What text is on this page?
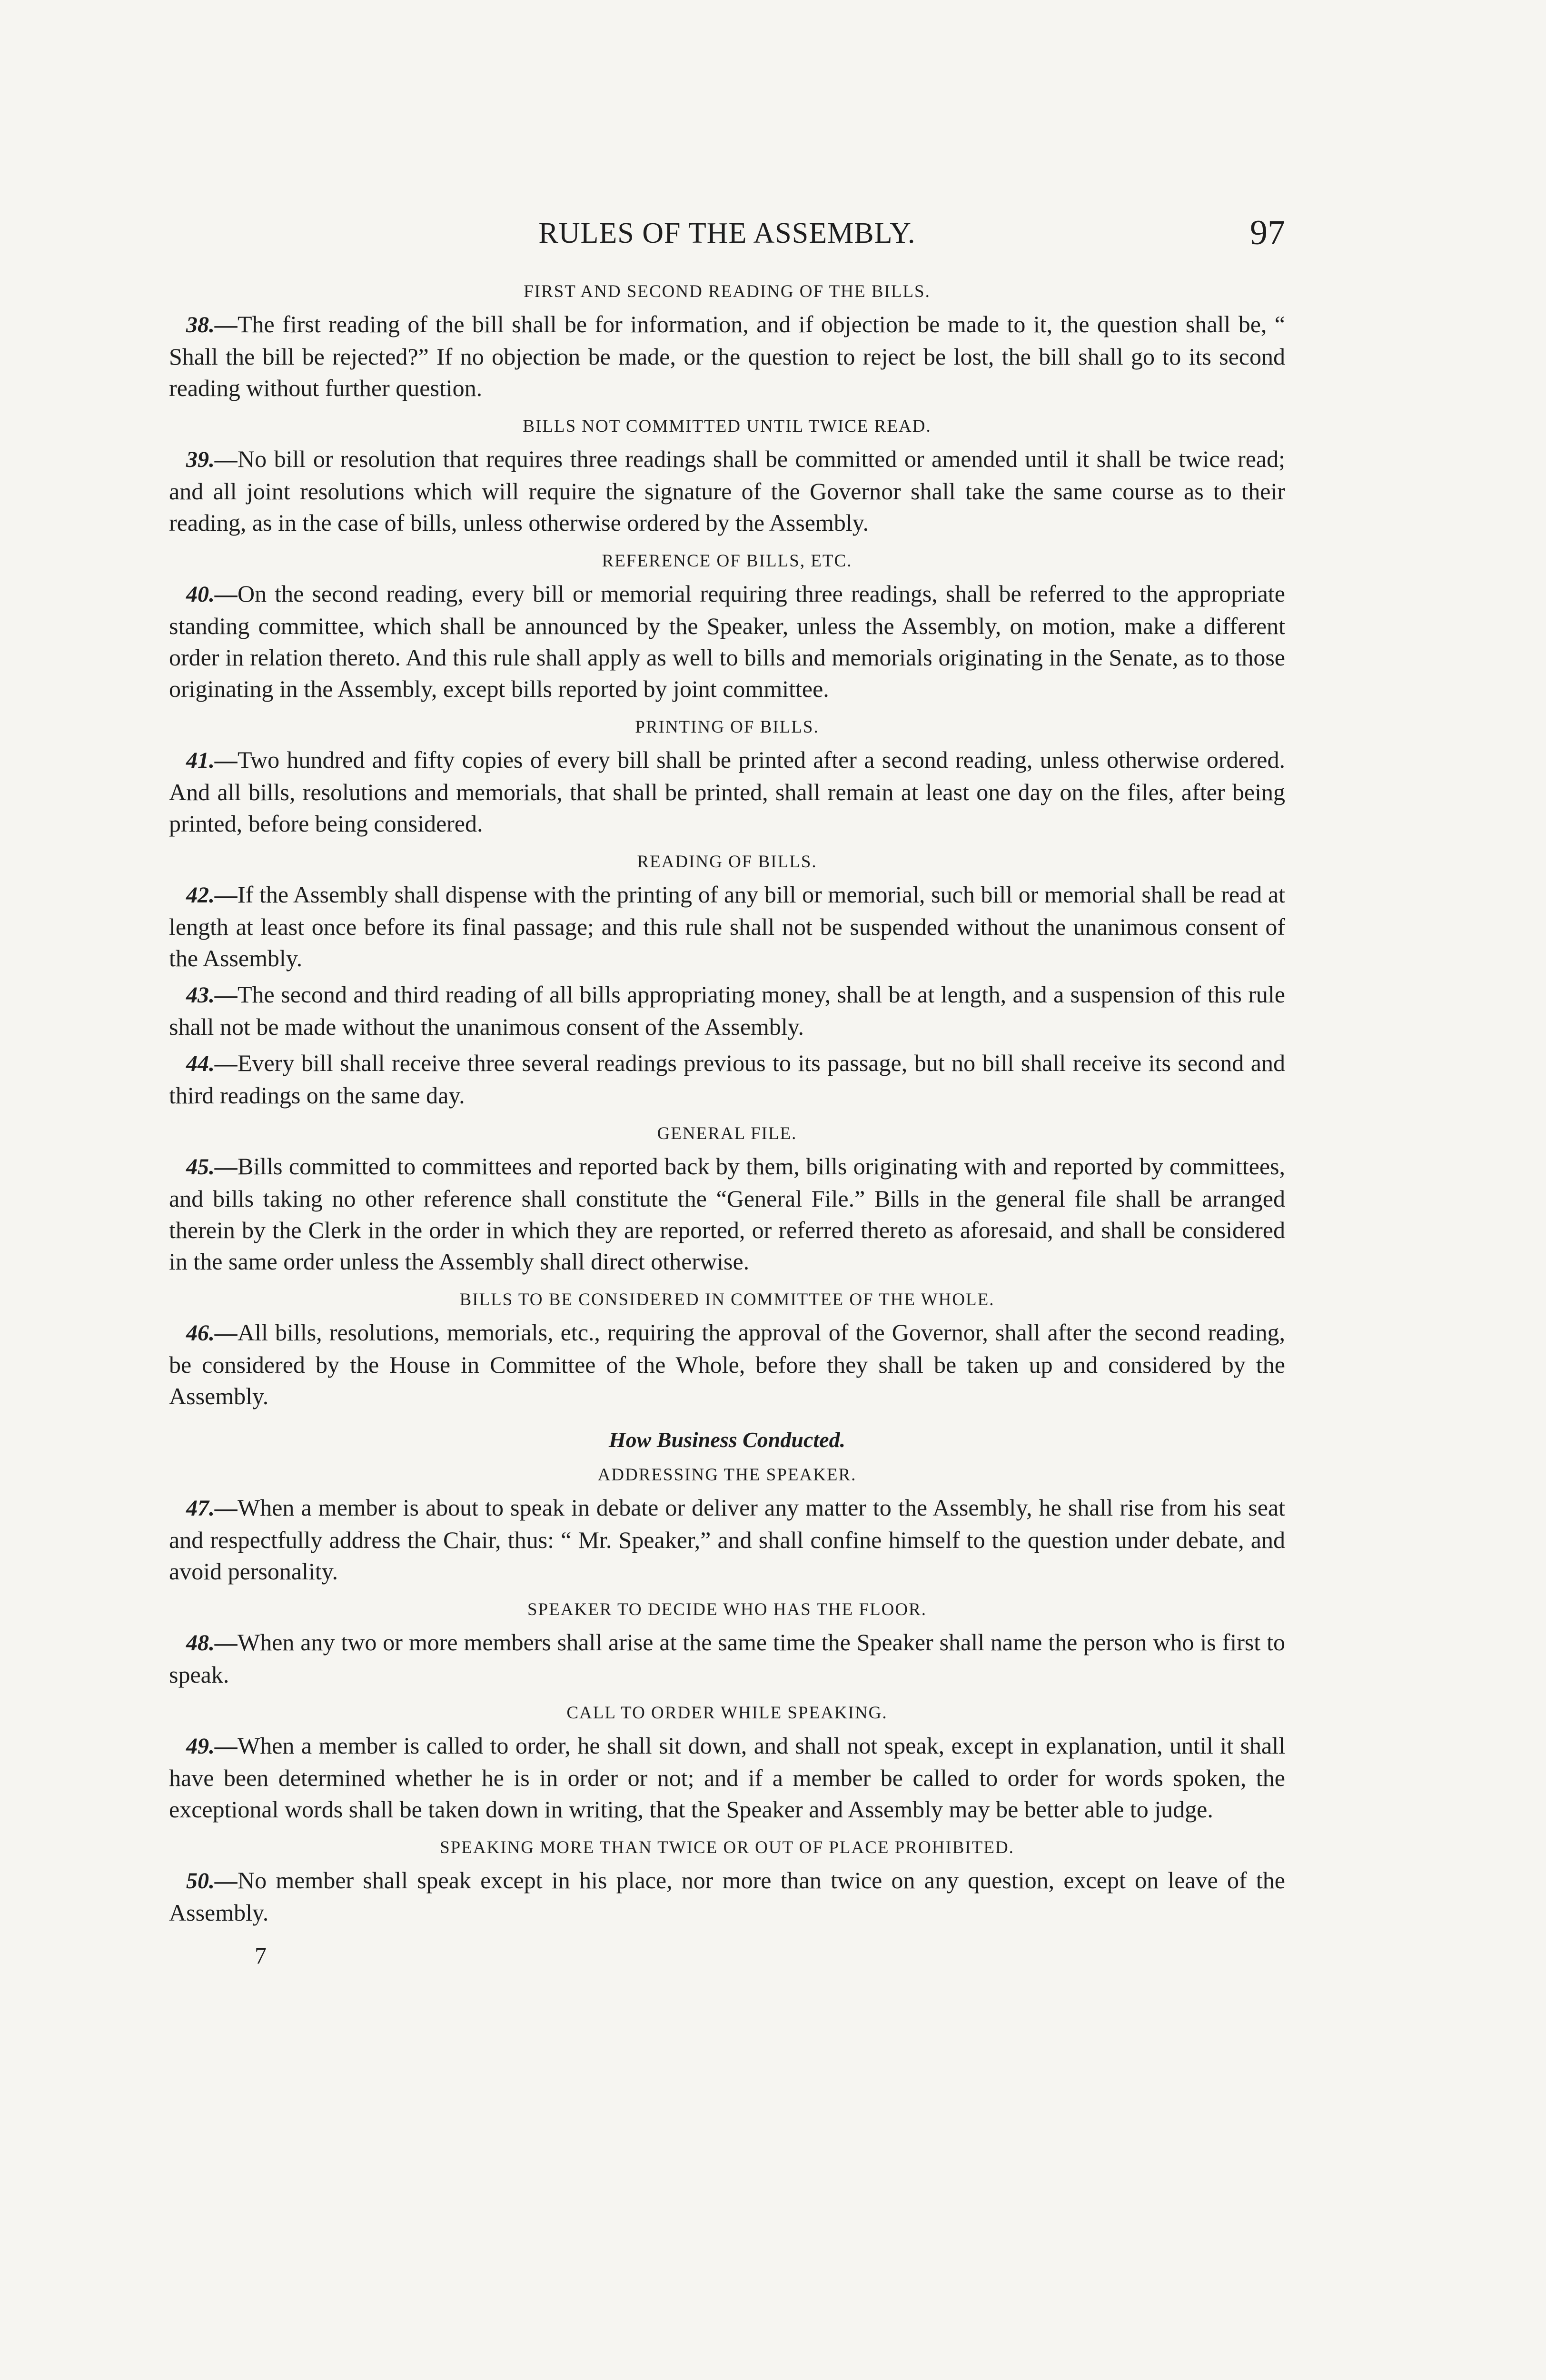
RULES OF THE ASSEMBLY.	97
FIRST AND SECOND READING OF THE BILLS.

38.—The first reading of the bill shall be for information, and if objection be made to it, the question shall be, “ Shall the bill be rejected?” If no objection be made, or the question to reject be lost, the bill shall go to its second reading without further question.

BILLS NOT COMMITTED UNTIL TWICE READ.

39.—No bill or resolution that requires three readings shall be committed or amended until it shall be twice read; and all joint resolutions which will require the signature of the Governor shall take the same course as to their reading, as in the case of bills, unless otherwise ordered by the Assembly.

REFERENCE OF BILLS, ETC.

40.—On the second reading, every bill or memorial requiring three readings, shall be referred to the appropriate standing committee, which shall be announced by the Speaker, unless the Assembly, on motion, make a different order in relation thereto. And this rule shall apply as well to bills and memorials originating in the Senate, as to those originating in the Assembly, except bills reported by joint committee.

PRINTING OF BILLS.

41.—Two hundred and fifty copies of every bill shall be printed after a second reading, unless otherwise ordered. And all bills, resolutions and memorials, that shall be printed, shall remain at least one day on the files, after being printed, before being considered.

READING OF BILLS.

42.—If the Assembly shall dispense with the printing of any bill or memorial, such bill or memorial shall be read at length at least once before its final passage; and this rule shall not be suspended without the unanimous consent of the Assembly.

43.—The second and third reading of all bills appropriating money, shall be at length, and a suspension of this rule shall not be made without the unanimous consent of the Assembly.

44.—Every bill shall receive three several readings previous to its passage, but no bill shall receive its second and third readings on the same day.

GENERAL FILE.

45.—Bills committed to committees and reported back by them, bills originating with and reported by committees, and bills taking no other reference shall constitute the “General File.” Bills in the general file shall be arranged therein by the Clerk in the order in which they are reported, or referred thereto as aforesaid, and shall be considered in the same order unless the Assembly shall direct otherwise.

BILLS TO BE CONSIDERED IN COMMITTEE OF THE WHOLE.

46.—All bills, resolutions, memorials, etc., requiring the approval of the Governor, shall after the second reading, be considered by the House in Committee of the Whole, before they shall be taken up and considered by the Assembly.

How Business Conducted.
ADDRESSING THE SPEAKER.

47.—When a member is about to speak in debate or deliver any matter to the Assembly, he shall rise from his seat and respectfully address the Chair, thus: “ Mr. Speaker,” and shall confine himself to the question under debate, and avoid personality.

SPEAKER TO DECIDE WHO HAS THE FLOOR.

48.—When any two or more members shall arise at the same time the Speaker shall name the person who is first to speak.

CALL TO ORDER WHILE SPEAKING.

49.—When a member is called to order, he shall sit down, and shall not speak, except in explanation, until it shall have been determined whether he is in order or not; and if a member be called to order for words spoken, the exceptional words shall be taken down in writing, that the Speaker and Assembly may be better able to judge.

SPEAKING MORE THAN TWICE OR OUT OF PLACE PROHIBITED.

50.—No member shall speak except in his place, nor more than twice on any question, except on leave of the Assembly.

7
